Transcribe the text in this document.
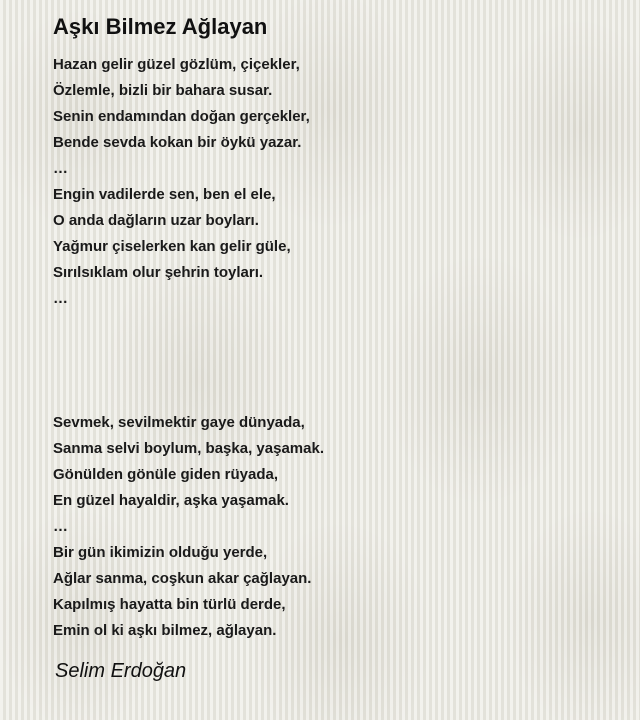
Aşkı Bilmez Ağlayan
Hazan gelir güzel gözlüm, çiçekler,
Özlemle, bizli bir bahara susar.
Senin endamından doğan gerçekler,
Bende sevda kokan bir öykü yazar.
…
Engin vadilerde sen, ben el ele,
O anda dağların uzar boyları.
Yağmur çiselerken kan gelir güle,
Sırılsıklam olur şehrin toyları.
…
Sevmek, sevilmektir gaye dünyada,
Sanma selvi boylum, başka, yaşamak.
Gönülden gönüle giden rüyada,
En güzel hayaldir, aşka yaşamak.
…
Bir gün ikimizin olduğu yerde,
Ağlar sanma, coşkun akar çağlayan.
Kapılmış hayatta bin türlü derde,
Emin ol ki aşkı bilmez, ağlayan.
Selim Erdoğan
